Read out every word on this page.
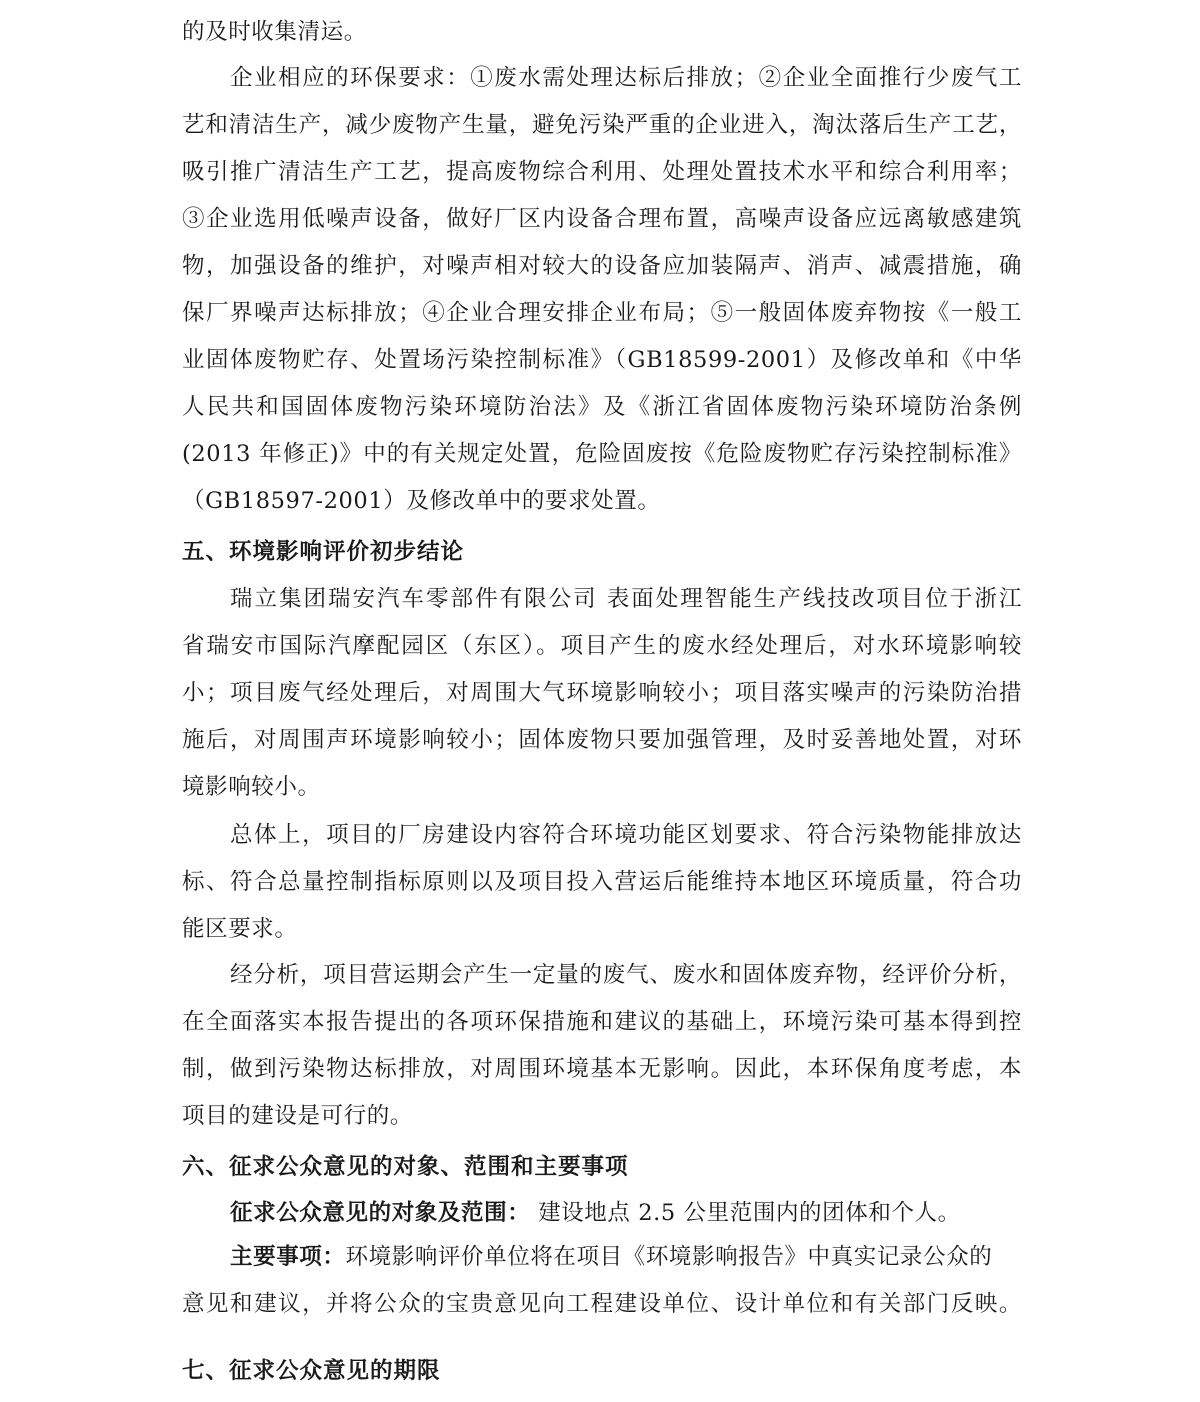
的及时收集清运。
企业相应的环保要求：①废水需处理达标后排放；②企业全面推行少废气工
艺和清洁生产，减少废物产生量，避免污染严重的企业进入，淘汰落后生产工艺，
吸引推广清洁生产工艺，提高废物综合利用、处理处置技术水平和综合利用率；
③企业选用低噪声设备，做好厂区内设备合理布置，高噪声设备应远离敏感建筑
物，加强设备的维护，对噪声相对较大的设备应加装隔声、消声、减震措施，确
保厂界噪声达标排放；④企业合理安排企业布局；⑤一般固体废弃物按《一般工
业固体废物贮存、处置场污染控制标准》（GB18599-2001）及修改单和《中华
人民共和国固体废物污染环境防治法》及《浙江省固体废物污染环境防治条例
(2013 年修正)》中的有关规定处置，危险固废按《危险废物贮存污染控制标准》
（GB18597-2001）及修改单中的要求处置。
五、环境影响评价初步结论
瑞立集团瑞安汽车零部件有限公司 表面处理智能生产线技改项目位于浙江
省瑞安市国际汽摩配园区（东区）。项目产生的废水经处理后，对水环境影响较
小；项目废气经处理后，对周围大气环境影响较小；项目落实噪声的污染防治措
施后，对周围声环境影响较小；固体废物只要加强管理，及时妥善地处置，对环
境影响较小。
总体上，项目的厂房建设内容符合环境功能区划要求、符合污染物能排放达
标、符合总量控制指标原则以及项目投入营运后能维持本地区环境质量，符合功
能区要求。
经分析，项目营运期会产生一定量的废气、废水和固体废弃物，经评价分析，
在全面落实本报告提出的各项环保措施和建议的基础上，环境污染可基本得到控
制，做到污染物达标排放，对周围环境基本无影响。因此，本环保角度考虑，本
项目的建设是可行的。
六、征求公众意见的对象、范围和主要事项
征求公众意见的对象及范围： 建设地点 2.5 公里范围内的团体和个人。
主要事项：环境影响评价单位将在项目《环境影响报告》中真实记录公众的
意见和建议，并将公众的宝贵意见向工程建设单位、设计单位和有关部门反映。
七、征求公众意见的期限
